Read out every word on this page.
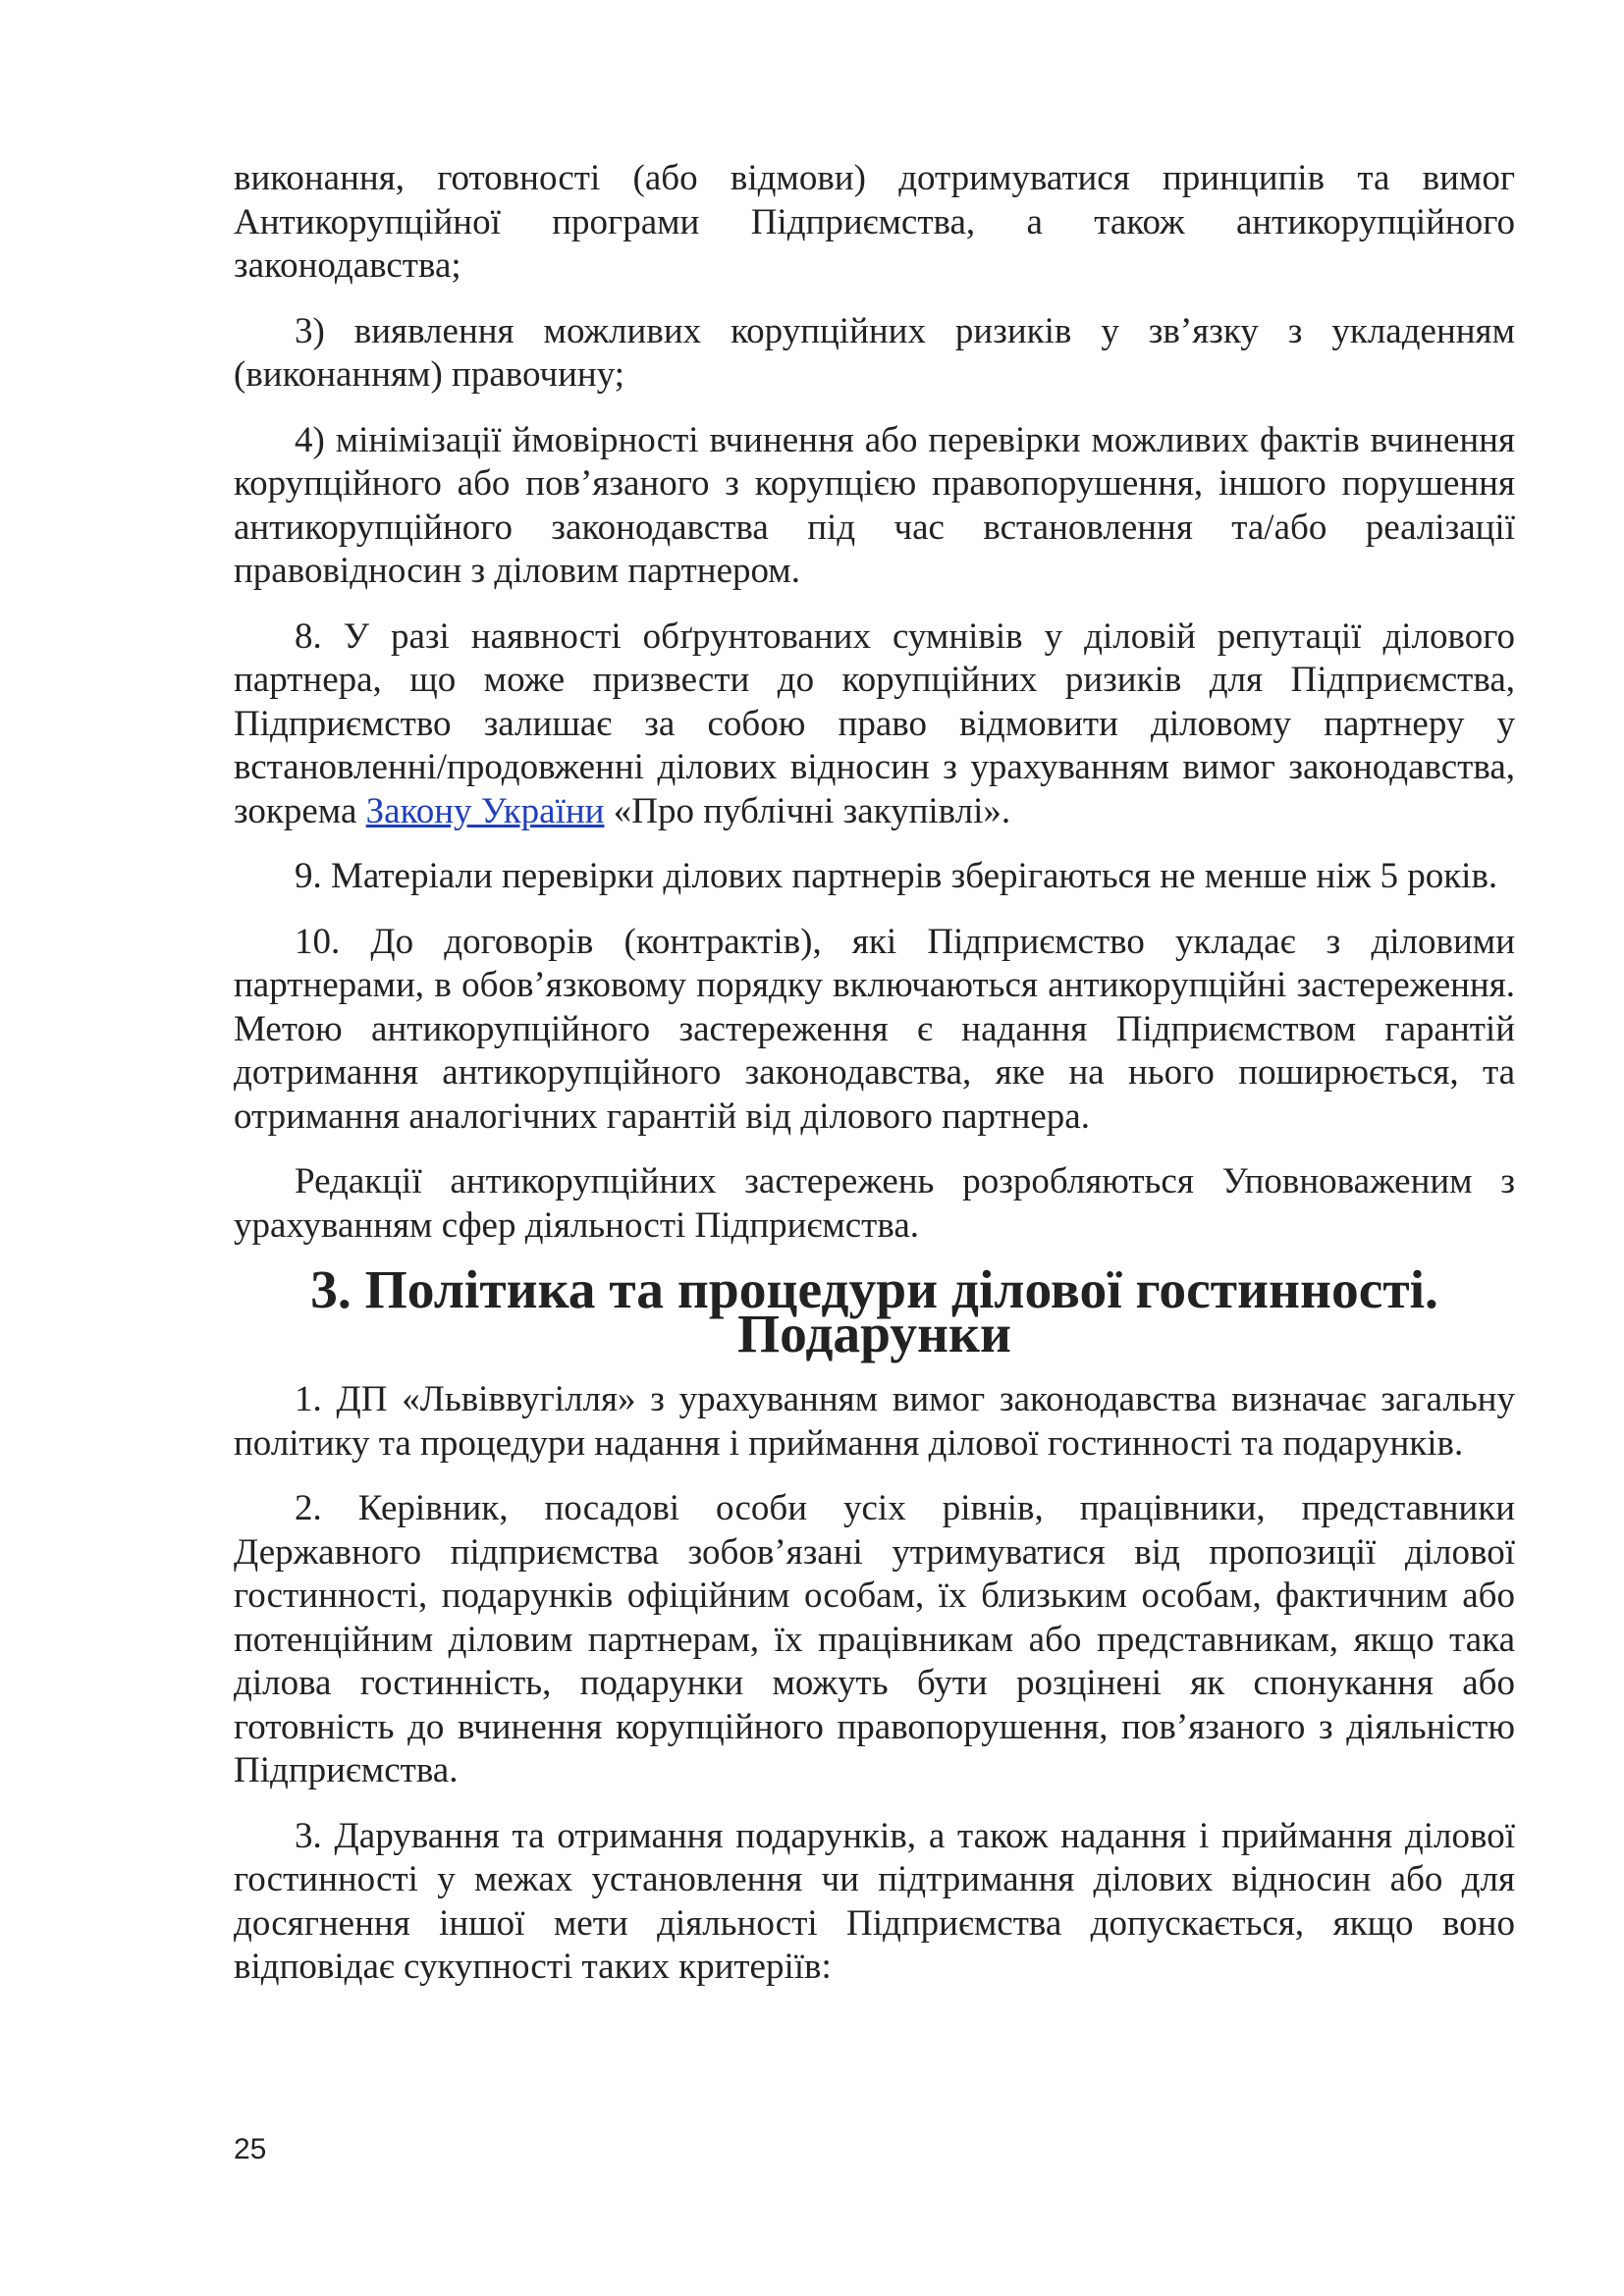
виконання, готовності (або відмови) дотримуватися принципів та вимог Антикорупційної програми Підприємства, а також антикорупційного законодавства;

3) виявлення можливих корупційних ризиків у зв’язку з укладенням (виконанням) правочину;

4) мінімізації ймовірності вчинення або перевірки можливих фактів вчинення корупційного або пов’язаного з корупцією правопорушення, іншого порушення антикорупційного законодавства під час встановлення та/або реалізації правовідносин з діловим партнером.

8. У разі наявності обґрунтованих сумнівів у діловій репутації ділового партнера, що може призвести до корупційних ризиків для Підприємства, Підприємство залишає за собою право відмовити діловому партнеру у встановленні/продовженні ділових відносин з урахуванням вимог законодавства, зокрема Закону України «Про публічні закупівлі».

9. Матеріали перевірки ділових партнерів зберігаються не менше ніж 5 років.

10. До договорів (контрактів), які Підприємство укладає з діловими партнерами, в обов’язковому порядку включаються антикорупційні застереження. Метою антикорупційного застереження є надання Підприємством гарантій дотримання антикорупційного законодавства, яке на нього поширюється, та отримання аналогічних гарантій від ділового партнера.

Редакції антикорупційних застережень розробляються Уповноваженим з урахуванням сфер діяльності Підприємства.

3. Політика та процедури ділової гостинності. Подарунки

1. ДП «Львіввугілля» з урахуванням вимог законодавства визначає загальну політику та процедури надання і приймання ділової гостинності та подарунків.

2. Керівник, посадові особи усіх рівнів, працівники, представники Державного підприємства зобов’язані утримуватися від пропозиції ділової гостинності, подарунків офіційним особам, їх близьким особам, фактичним або потенційним діловим партнерам, їх працівникам або представникам, якщо така ділова гостинність, подарунки можуть бути розцінені як спонукання або готовність до вчинення корупційного правопорушення, пов’язаного з діяльністю Підприємства.

3. Дарування та отримання подарунків, а також надання і приймання ділової гостинності у межах установлення чи підтримання ділових відносин або для досягнення іншої мети діяльності Підприємства допускається, якщо воно відповідає сукупності таких критеріїв:

25
